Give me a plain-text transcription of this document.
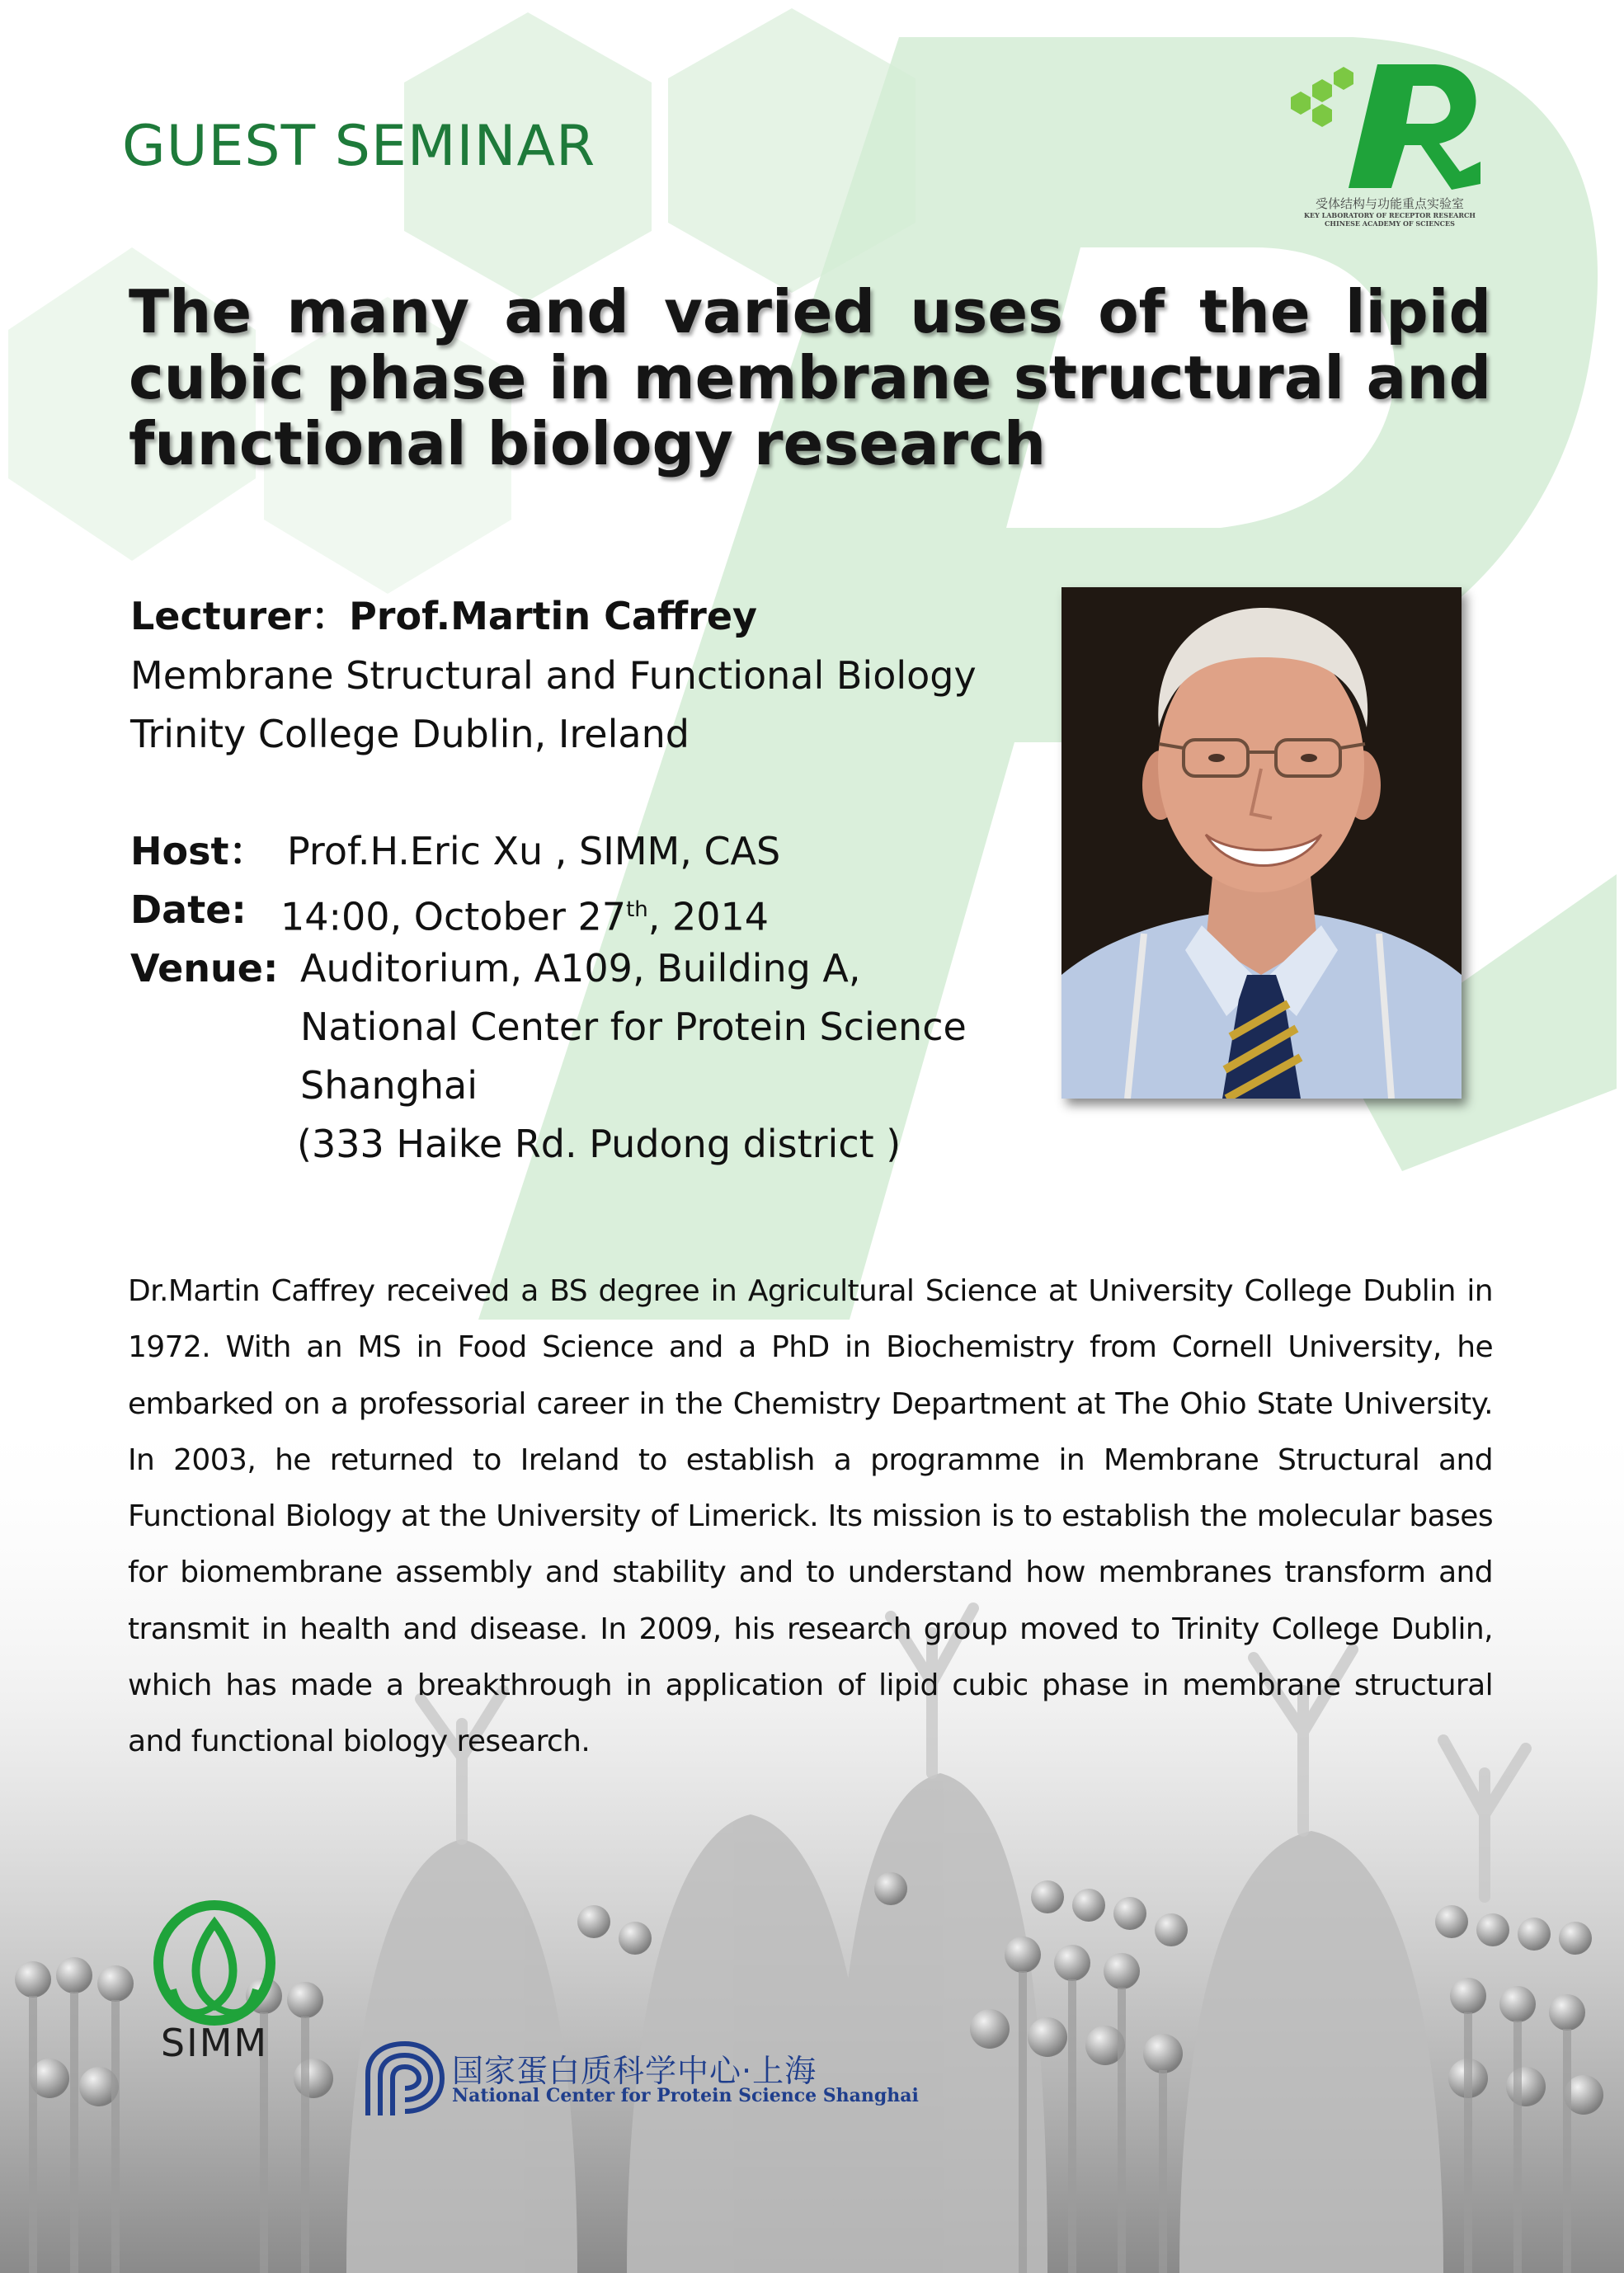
GUEST SEMINAR
受体结构与功能重点实验室
KEY LABORATORY OF RECEPTOR RESEARCH
CHINESE ACADEMY OF SCIENCES
The many and varied uses of the lipid cubic phase in membrane structural and functional biology research
Lecturer：Prof.Martin Caffrey
Membrane Structural and Functional Biology
Trinity College Dublin, Ireland
Host： Prof.H.Eric Xu , SIMM, CAS
Date: 14:00, October 27th, 2014
Venue: Auditorium, A109, Building A,
National Center for Protein Science
Shanghai
(333 Haike Rd. Pudong district )
Dr.Martin Caffrey received a BS degree in Agricultural Science at University College Dublin in 1972. With an MS in Food Science and a PhD in Biochemistry from Cornell University, he embarked on a professorial career in the Chemistry Department at The Ohio State University. In 2003, he returned to Ireland to establish a programme in Membrane Structural and Functional Biology at the University of Limerick. Its mission is to establish the molecular bases for biomembrane assembly and stability and to understand how membranes transform and transmit in health and disease. In 2009, his research group moved to Trinity College Dublin, which has made a breakthrough in application of lipid cubic phase in membrane structural and functional biology research.
SIMM
国家蛋白质科学中心·上海
National Center for Protein Science Shanghai
